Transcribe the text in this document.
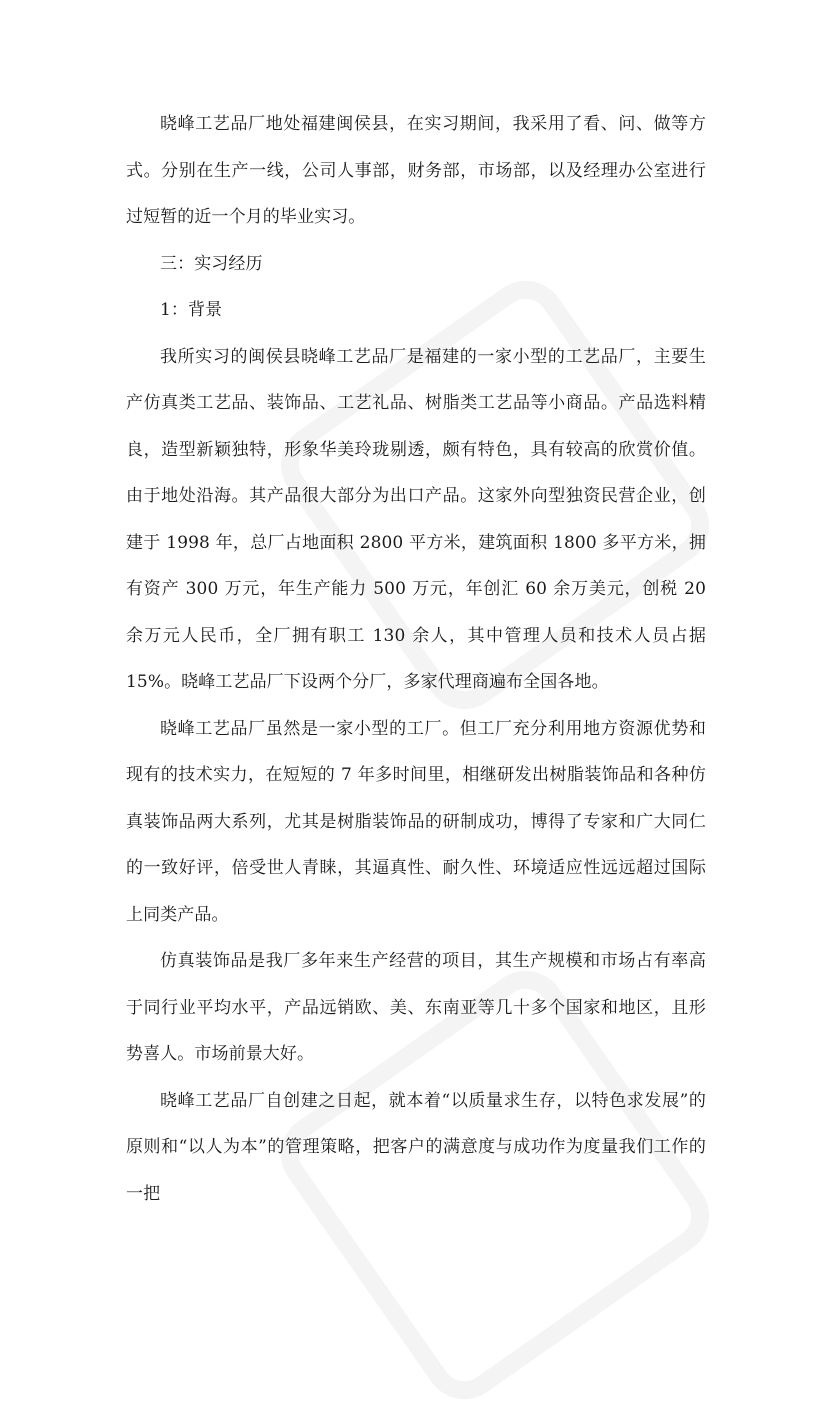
晓峰工艺品厂地处福建闽侯县，在实习期间，我采用了看、问、做等方式。分别在生产一线，公司人事部，财务部，市场部，以及经理办公室进行过短暂的近一个月的毕业实习。

三：实习经历

1：背景

我所实习的闽侯县晓峰工艺品厂是福建的一家小型的工艺品厂，主要生产仿真类工艺品、装饰品、工艺礼品、树脂类工艺品等小商品。产品选料精良，造型新颖独特，形象华美玲珑剔透，颇有特色，具有较高的欣赏价值。由于地处沿海。其产品很大部分为出口产品。这家外向型独资民营企业，创建于 1998 年，总厂占地面积 2800 平方米，建筑面积 1800 多平方米，拥有资产 300 万元，年生产能力 500 万元，年创汇 60 余万美元，创税 20 余万元人民币，全厂拥有职工 130 余人，其中管理人员和技术人员占据 15%。晓峰工艺品厂下设两个分厂，多家代理商遍布全国各地。

晓峰工艺品厂虽然是一家小型的工厂。但工厂充分利用地方资源优势和现有的技术实力，在短短的 7 年多时间里，相继研发出树脂装饰品和各种仿真装饰品两大系列，尤其是树脂装饰品的研制成功，博得了专家和广大同仁的一致好评，倍受世人青睐，其逼真性、耐久性、环境适应性远远超过国际上同类产品。

仿真装饰品是我厂多年来生产经营的项目，其生产规模和市场占有率高于同行业平均水平，产品远销欧、美、东南亚等几十多个国家和地区，且形势喜人。市场前景大好。

晓峰工艺品厂自创建之日起，就本着“以质量求生存，以特色求发展”的原则和“以人为本”的管理策略，把客户的满意度与成功作为度量我们工作的一把
